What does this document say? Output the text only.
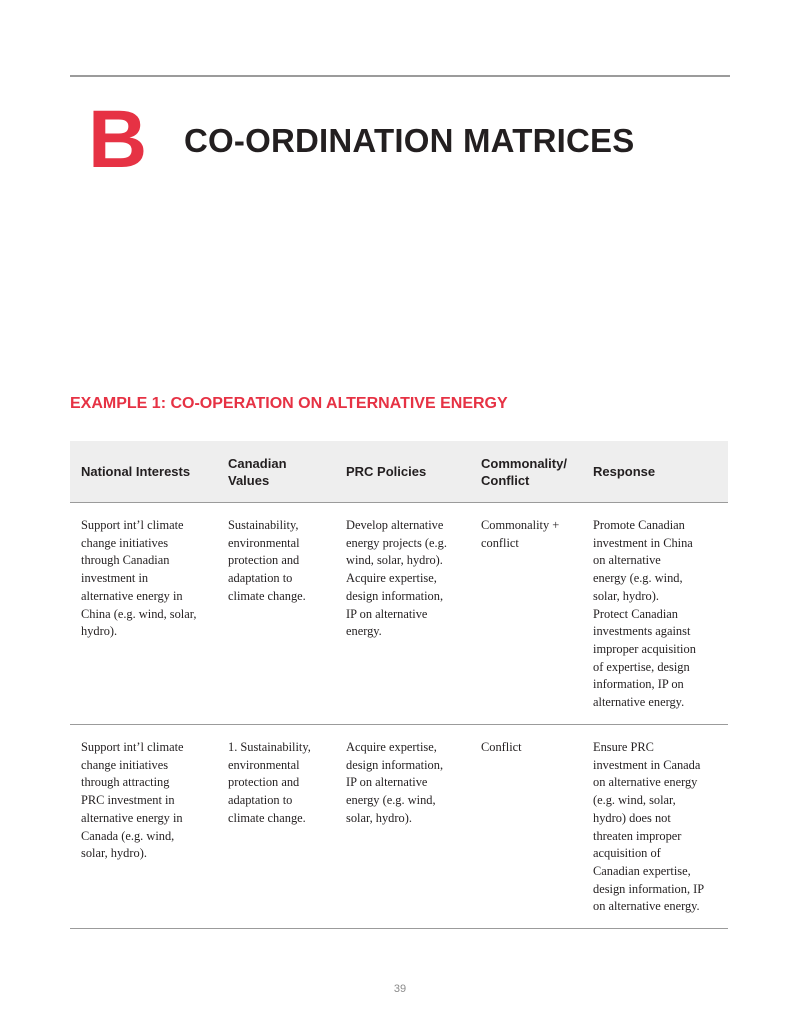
B CO-ORDINATION MATRICES
EXAMPLE 1: CO-OPERATION ON ALTERNATIVE ENERGY
National Interests
Canadian
Values
PRC Policies
Commonality/
Conflict
Response
Support int’l climate
change initiatives
through Canadian
investment in
alternative energy in
China (e.g. wind, solar,
hydro).
Sustainability,
environmental
protection and
adaptation to
climate change.
Develop alternative
energy projects (e.g.
wind, solar, hydro).
Acquire expertise,
design information,
IP on alternative
energy.
Commonality +
conflict
Promote Canadian
investment in China
on alternative
energy (e.g. wind,
solar, hydro).
Protect Canadian
investments against
improper acquisition
of expertise, design
information, IP on
alternative energy.
Support int’l climate
change initiatives
through attracting
PRC investment in
alternative energy in
Canada (e.g. wind,
solar, hydro).
1. Sustainability,
environmental
protection and
adaptation to
climate change.
Acquire expertise,
design information,
IP on alternative
energy (e.g. wind,
solar, hydro).
Conflict	Ensure PRC
investment in Canada
on alternative energy
(e.g. wind, solar,
hydro) does not
threaten improper
acquisition of
Canadian expertise,
design information, IP
on alternative energy.
39
